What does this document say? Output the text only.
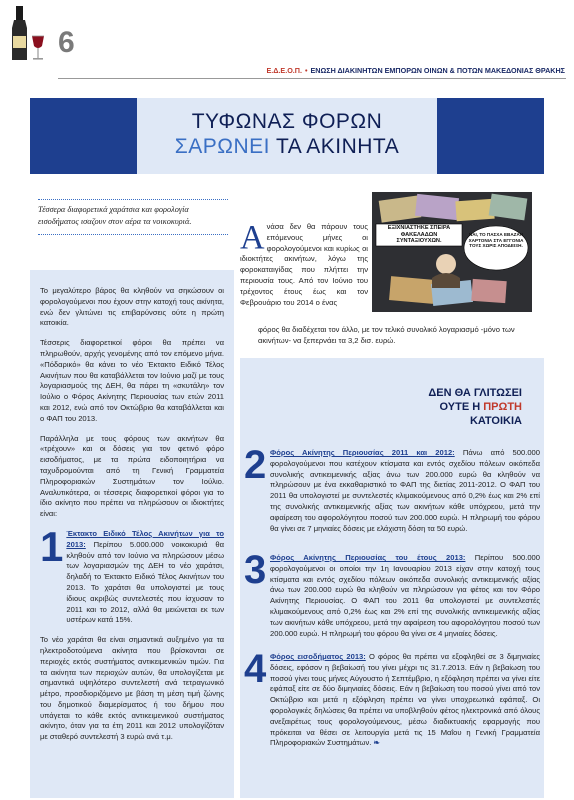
6
Ε.Δ.Ε.Ο.Π. • ΕΝΩΣΗ ΔΙΑΚΙΝΗΤΩΝ ΕΜΠΟΡΩΝ ΟΙΝΩΝ & ΠΟΤΩΝ ΜΑΚΕΔΟΝΙΑΣ ΘΡΑΚΗΣ
ΤΥΦΩΝΑΣ ΦΟΡΩΝ
ΣΑΡΩΝΕΙ ΤΑ ΑΚΙΝΗΤΑ

Τέσσερα διαφορετικά χαράτσια και φορολογία εισοδήματος ισαζουν στον αέρα τα νοικοκυριά.

ΕΞΙΧΝΙΑΣΤΗΚΕ ΣΠΕΙΡΑ ΦΑΚΕΛΑΔΩΝ ΣΥΝΤΑΞΙΟΥΧΩΝ.
ΝΑΙ, ΤΟ ΠΑΣΧΑ ΕΒΑΖΑΝ ΧΑΡΤΟΝΙΑ ΣΤΑ ΕΓΓΟΝΙΑ ΤΟΥΣ ΧΩΡΙΣ ΑΠΟΔΕΙΞΗ.
Ανάσα δεν θα πάρουν τους επόμενους μήνες οι φορολογούμενοι και κυρίως οι ιδιοκτήτες ακινήτων, λόγω της φοροκαταιγίδας που πλήττει την περιουσία τους. Από τον Ιούνιο του τρέχοντος έτους έως και τον Φεβρουάριο του 2014 ο ένας
φόρος θα διαδέχεται τον άλλο, με τον τελικό συνολικό λογαριασμό -μόνο των ακινήτων- να ξεπερνάει τα 3,2 δισ. ευρώ.

Το μεγαλύτερο βάρος θα κληθούν να σηκώσουν οι φορολογούμενοι που έχουν στην κατοχή τους ακίνητα, ενώ δεν γλιτώνει τις επιβαρύνσεις ούτε η πρώτη κατοικία.

Τέσσερις διαφορετικοί φόροι θα πρέπει να πληρωθούν, αρχής γενομένης από τον επόμενο μήνα. «Πόδαρικό» θα κάνει το νέο Έκτακτο Ειδικό Τέλος Ακινήτων που θα καταβάλλεται τον Ιούνιο μαζί με τους λογαριασμούς της ΔΕΗ, θα πάρει τη «σκυτάλη» τον Ιούλιο ο Φόρος Ακίνητης Περιουσίας των ετών 2011 και 2012, ενώ από τον Οκτώβριο θα καταβάλλεται και ο ΦΑΠ του 2013.

Παράλληλα με τους φόρους των ακινήτων θα «τρέχουν» και οι δόσεις για τον φετινό φόρο εισοδήματος, με τα πρώτα ειδοποιητήρια να ταχυδρομούνται από τη Γενική Γραμματεία Πληροφοριακών Συστημάτων τον Ιούλιο. Αναλυτικότερα, οι τέσσερις διαφορετικοί φόροι για το ίδιο ακίνητο που πρέπει να πληρώσουν οι ιδιοκτήτες είναι:

1 Έκτακτο Ειδικό Τέλος Ακινήτων για το 2013: Περίπου 5.000.000 νοικοκυριά θα κληθούν από τον Ιούνιο να πληρώσουν μέσω των λογαριασμών της ΔΕΗ το νέο χαράτσι, δηλαδή το Έκτακτο Ειδικό Τέλος Ακινήτων του 2013. Το χαράτσι θα υπολογιστεί με τους ίδιους ακριβώς συντελεστές που ίσχυσαν το 2011 και το 2012, αλλά θα μειώνεται εκ των υστέρων κατά 15%.

Το νέο χαράτσι θα είναι σημαντικά αυξημένο για τα ηλεκτροδοτούμενα ακίνητα που βρίσκονται σε περιοχές εκτός συστήματος αντικειμενικών τιμών. Για τα ακίνητα των περιοχών αυτών, θα υπολογίζεται με σημαντικά υψηλότερο συντελεστή ανά τετραγωνικό μέτρο, προσδιοριζόμενο με βάση τη μέση τιμή ζώνης του δημοτικού διαμερίσματος ή του δήμου που υπάγεται το κάθε εκτός αντικειμενικού συστήματος ακίνητο, όταν για τα έτη 2011 και 2012 υπολογίζόταν με σταθερό συντελεστή 3 ευρώ ανά τ.μ.

ΔΕΝ ΘΑ ΓΛΙΤΩΣΕΙ
ΟΥΤΕ Η ΠΡΩΤΗ
ΚΑΤΟΙΚΙΑ
2 Φόρος Ακίνητης Περιουσίας 2011 και 2012: Πάνω από 500.000 φορολογούμενοι που κατέχουν κτίσματα και εντός σχεδίου πόλεων οικόπεδα συνολικής αντικειμενικής αξίας άνω των 200.000 ευρώ θα κληθούν να πληρώσουν με ένα εκκαθαριστικό το ΦΑΠ της διετίας 2011-2012. Ο ΦΑΠ του 2011 θα υπολογιστεί με συντελεστές κλιμακούμενους από 0,2% έως και 2% επί της συνολικής αντικειμενικής αξίας των ακινήτων κάθε υπόχρεου, μετά την αφαίρεση του αφορολόγητου ποσού των 200.000 ευρώ. Η πληρωμή του φόρου θα γίνει σε 7 μηνιαίες δόσεις με ελάχιστη δόση τα 50 ευρώ.
3 Φόρος Ακίνητης Περιουσίας του έτους 2013: Περίπου 500.000 φορολογούμενοι οι οποίοι την 1η Ιανουαρίου 2013 είχαν στην κατοχή τους κτίσματα και εντός σχεδίου πόλεων οικόπεδα συνολικής αντικειμενικής αξίας άνω των 200.000 ευρώ θα κληθούν να πληρώσουν για φέτος και τον Φόρο Ακίνητης Περιουσίας. Ο ΦΑΠ του 2011 θα υπολογιστεί με συντελεστές κλιμακούμενους από 0,2% έως και 2% επί της συνολικής αντικειμενικής αξίας των ακινήτων κάθε υπόχρεου, μετά την αφαίρεση του αφορολόγητου ποσού των 200.000 ευρώ. Η πληρωμή του φόρου θα γίνει σε 4 μηνιαίες δόσεις.
4 Φόρος εισοδήματος 2013: Ο φόρος θα πρέπει να εξοφληθεί σε 3 διμηνιαίες δόσεις, εφόσον η βεβαίωσή του γίνει μέχρι τις 31.7.2013. Εάν η βεβαίωση του ποσού γίνει τους μήνες Αύγουστο ή Σεπτέμβριο, η εξόφληση πρέπει να γίνει είτε εφάπαξ είτε σε δύο διμηνιαίες δόσεις. Εάν η βεβαίωση του ποσού γίνει από τον Οκτώβριο και μετά η εξόφληση πρέπει να γίνει υποχρεωτικά εφάπαξ. Οι φορολογικές δηλώσεις θα πρέπει να υποβληθούν φέτος ηλεκτρονικά από όλους ανεξαιρέτως τους φορολογούμενους, μέσω διαδικτυακής εφαρμογής που πρόκειται να θέσει σε λειτουργία μετά τις 15 Μαΐου η Γενική Γραμματεία Πληροφοριακών Συστημάτων. ❧
